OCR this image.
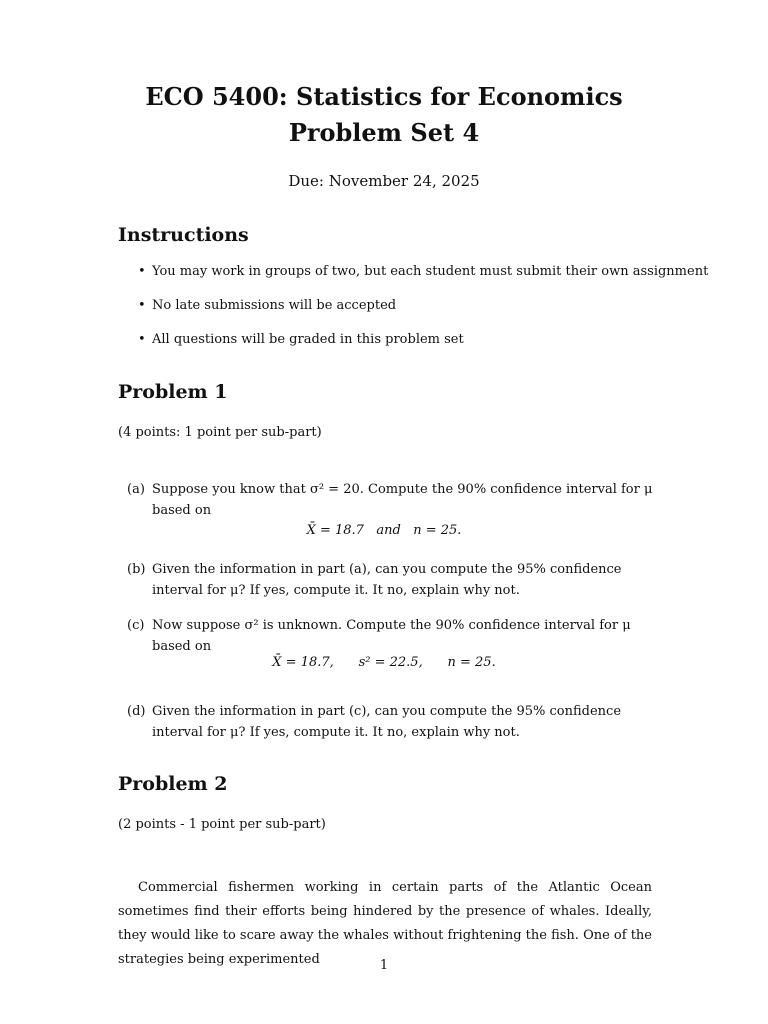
ECO 5400: Statistics for Economics
Problem Set 4
Due: November 24, 2025
Instructions
• You may work in groups of two, but each student must submit their own assignment
• No late submissions will be accepted
• All questions will be graded in this problem set
Problem 1
(4 points: 1 point per sub-part)
(a) Suppose you know that σ² = 20. Compute the 90% confidence interval for μ based on
X̄ = 18.7   and   n = 25.
(b) Given the information in part (a), can you compute the 95% confidence interval for μ? If yes, compute it. It no, explain why not.
(c) Now suppose σ² is unknown. Compute the 90% confidence interval for μ based on
X̄ = 18.7,      s² = 22.5,      n = 25.
(d) Given the information in part (c), can you compute the 95% confidence interval for μ? If yes, compute it. It no, explain why not.
Problem 2
(2 points - 1 point per sub-part)
Commercial fishermen working in certain parts of the Atlantic Ocean sometimes find their efforts being hindered by the presence of whales. Ideally, they would like to scare away the whales without frightening the fish. One of the strategies being experimented	1
